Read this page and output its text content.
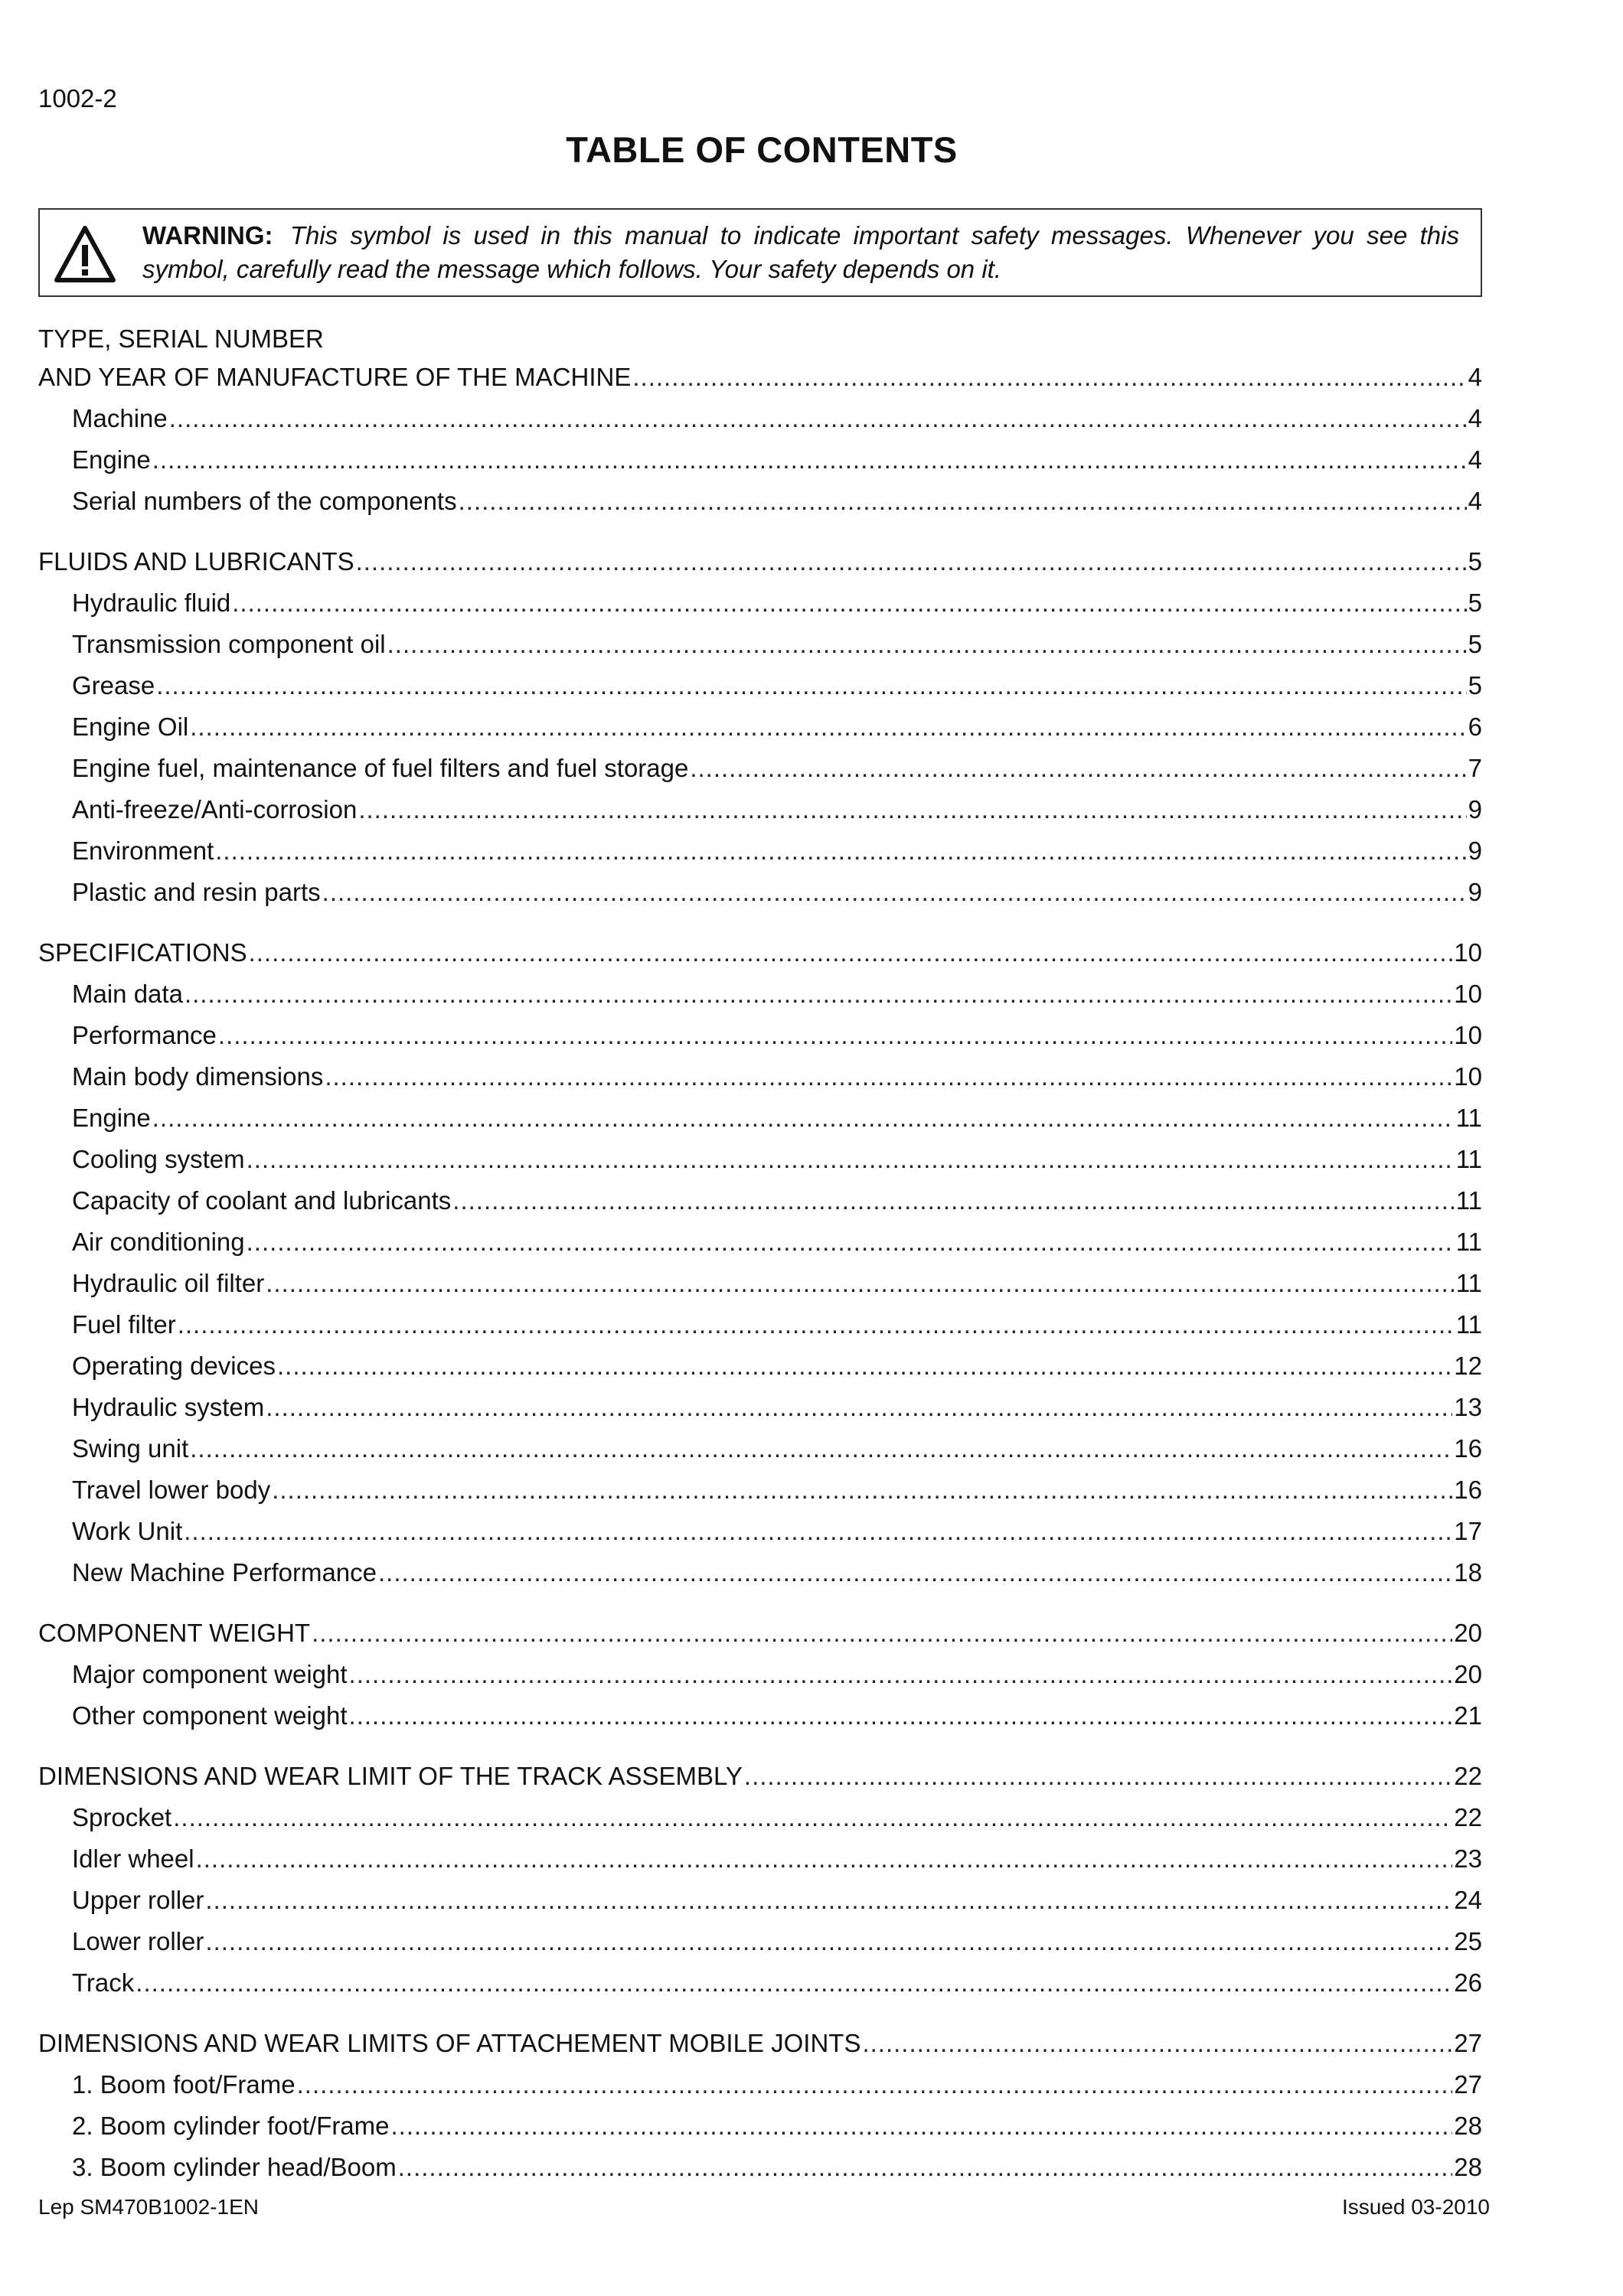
1002-2
TABLE OF CONTENTS
WARNING: This symbol is used in this manual to indicate important safety messages. Whenever you see this symbol, carefully read the message which follows. Your safety depends on it.
TYPE, SERIAL NUMBER
AND YEAR OF MANUFACTURE OF THE MACHINE .....	4
Machine .....	4
Engine .....	4
Serial numbers of the components .....	4
FLUIDS AND LUBRICANTS .....	5
Hydraulic fluid .....	5
Transmission component oil .....	5
Grease .....	5
Engine Oil .....	6
Engine fuel, maintenance of fuel filters and fuel storage .....	7
Anti-freeze/Anti-corrosion .....	9
Environment .....	9
Plastic and resin parts .....	9
SPECIFICATIONS .....	10
Main data .....	10
Performance .....	10
Main body dimensions .....	10
Engine .....	11
Cooling system .....	11
Capacity of coolant and lubricants .....	11
Air conditioning .....	11
Hydraulic oil filter .....	11
Fuel filter .....	11
Operating devices .....	12
Hydraulic system .....	13
Swing unit .....	16
Travel lower body .....	16
Work Unit .....	17
New Machine Performance .....	18
COMPONENT WEIGHT .....	20
Major component weight .....	20
Other component weight .....	21
DIMENSIONS AND WEAR LIMIT OF THE TRACK ASSEMBLY .....	22
Sprocket .....	22
Idler wheel .....	23
Upper roller .....	24
Lower roller .....	25
Track .....	26
DIMENSIONS AND WEAR LIMITS OF ATTACHEMENT MOBILE JOINTS .....	27
1. Boom foot/Frame .....	27
2. Boom cylinder foot/Frame .....	28
3. Boom cylinder head/Boom .....	28
Lep SM470B1002-1EN	Issued 03-2010
